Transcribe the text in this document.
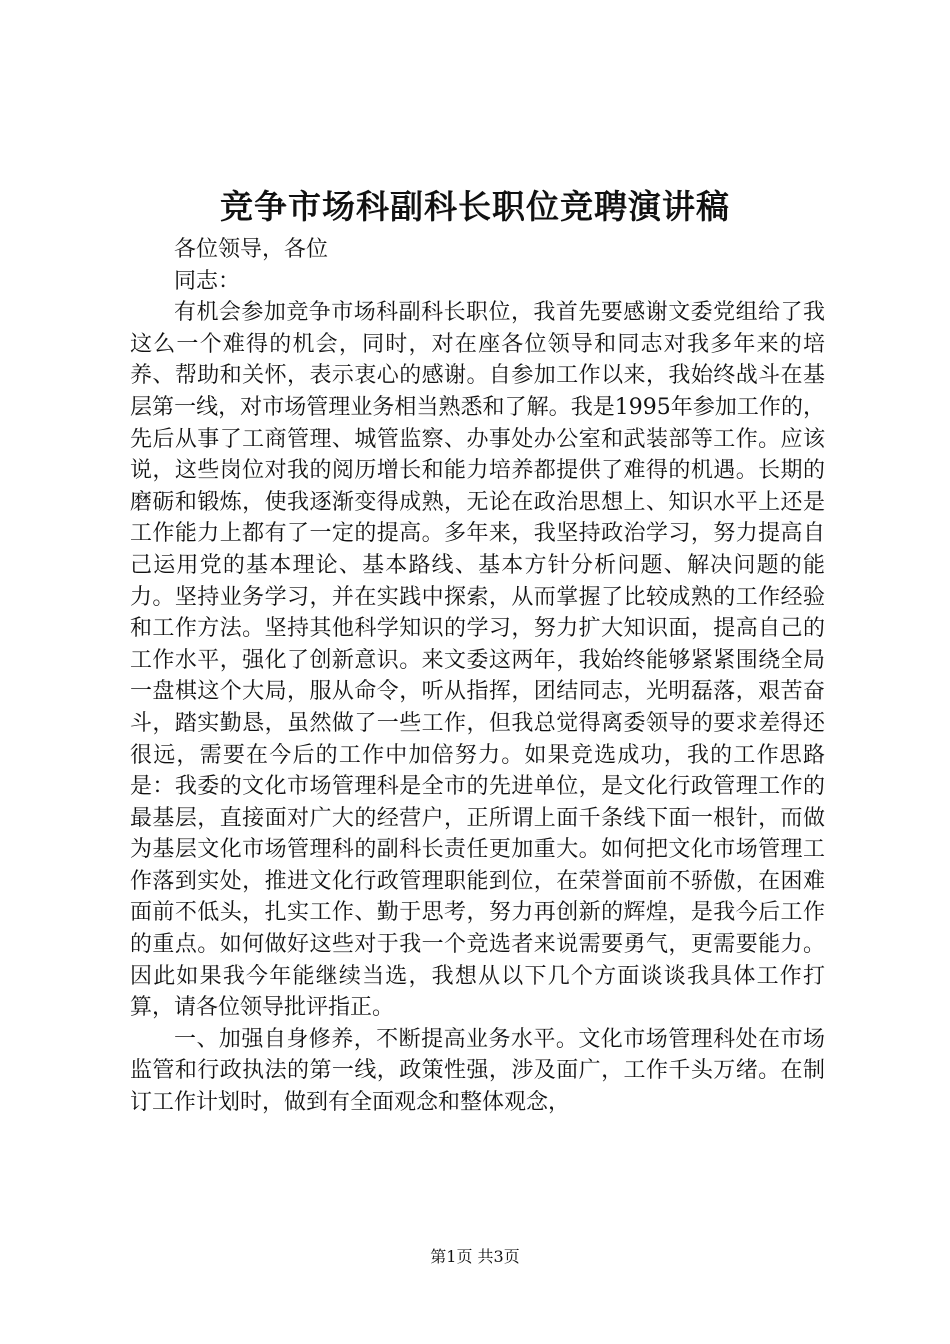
竞争市场科副科长职位竞聘演讲稿

各位领导，各位

同志：

有机会参加竞争市场科副科长职位，我首先要感谢文委党组给了我这么一个难得的机会，同时，对在座各位领导和同志对我多年来的培养、帮助和关怀，表示衷心的感谢。自参加工作以来，我始终战斗在基层第一线，对市场管理业务相当熟悉和了解。我是1995年参加工作的，先后从事了工商管理、城管监察、办事处办公室和武装部等工作。应该说，这些岗位对我的阅历增长和能力培养都提供了难得的机遇。长期的磨砺和锻炼，使我逐渐变得成熟，无论在政治思想上、知识水平上还是工作能力上都有了一定的提高。多年来，我坚持政治学习，努力提高自己运用党的基本理论、基本路线、基本方针分析问题、解决问题的能力。坚持业务学习，并在实践中探索，从而掌握了比较成熟的工作经验和工作方法。坚持其他科学知识的学习，努力扩大知识面，提高自己的工作水平，强化了创新意识。来文委这两年，我始终能够紧紧围绕全局一盘棋这个大局，服从命令，听从指挥，团结同志，光明磊落，艰苦奋斗，踏实勤恳，虽然做了一些工作，但我总觉得离委领导的要求差得还很远，需要在今后的工作中加倍努力。如果竞选成功，我的工作思路是：我委的文化市场管理科是全市的先进单位，是文化行政管理工作的最基层，直接面对广大的经营户，正所谓上面千条线下面一根针，而做为基层文化市场管理科的副科长责任更加重大。如何把文化市场管理工作落到实处，推进文化行政管理职能到位，在荣誉面前不骄傲，在困难面前不低头，扎实工作、勤于思考，努力再创新的辉煌，是我今后工作的重点。如何做好这些对于我一个竞选者来说需要勇气，更需要能力。因此如果我今年能继续当选，我想从以下几个方面谈谈我具体工作打算，请各位领导批评指正。

一、加强自身修养，不断提高业务水平。文化市场管理科处在市场监管和行政执法的第一线，政策性强，涉及面广，工作千头万绪。在制订工作计划时，做到有全面观念和整体观念，

第1页 共3页
